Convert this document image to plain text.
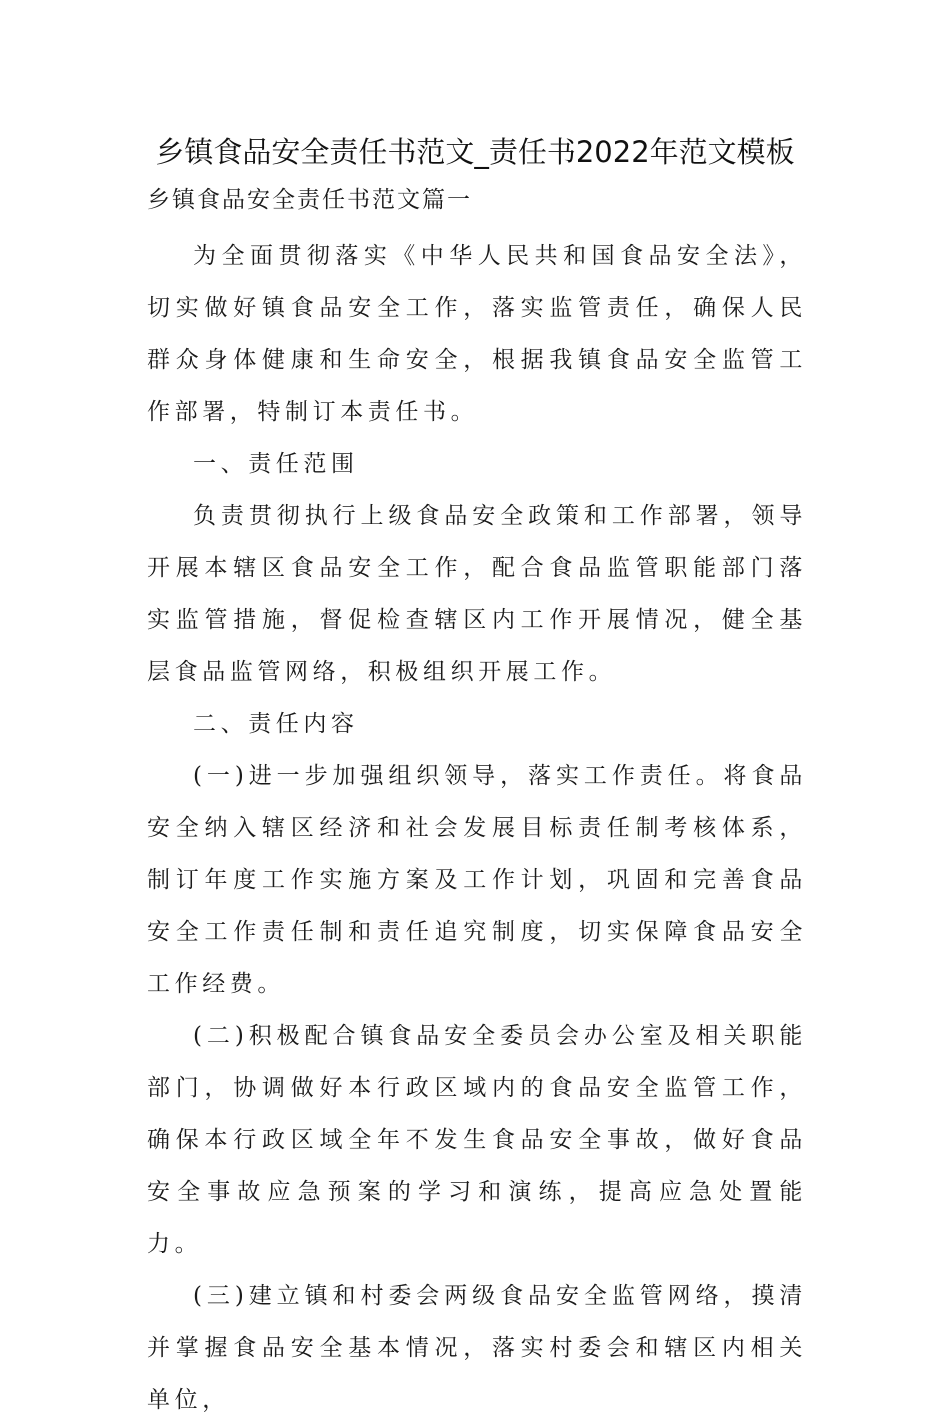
乡镇食品安全责任书范文_责任书2022年范文模板
乡镇食品安全责任书范文篇一

为全面贯彻落实《中华人民共和国食品安全法》，切实做好镇食品安全工作，落实监管责任，确保人民群众身体健康和生命安全，根据我镇食品安全监管工作部署，特制订本责任书。

一、责任范围

负责贯彻执行上级食品安全政策和工作部署，领导开展本辖区食品安全工作，配合食品监管职能部门落实监管措施，督促检查辖区内工作开展情况，健全基层食品监管网络，积极组织开展工作。

二、责任内容

(一)进一步加强组织领导，落实工作责任。将食品安全纳入辖区经济和社会发展目标责任制考核体系，制订年度工作实施方案及工作计划，巩固和完善食品安全工作责任制和责任追究制度，切实保障食品安全工作经费。

(二)积极配合镇食品安全委员会办公室及相关职能部门，协调做好本行政区域内的食品安全监管工作，确保本行政区域全年不发生食品安全事故，做好食品安全事故应急预案的学习和演练，提高应急处置能力。

(三)建立镇和村委会两级食品安全监管网络，摸清并掌握食品安全基本情况，落实村委会和辖区内相关单位，
